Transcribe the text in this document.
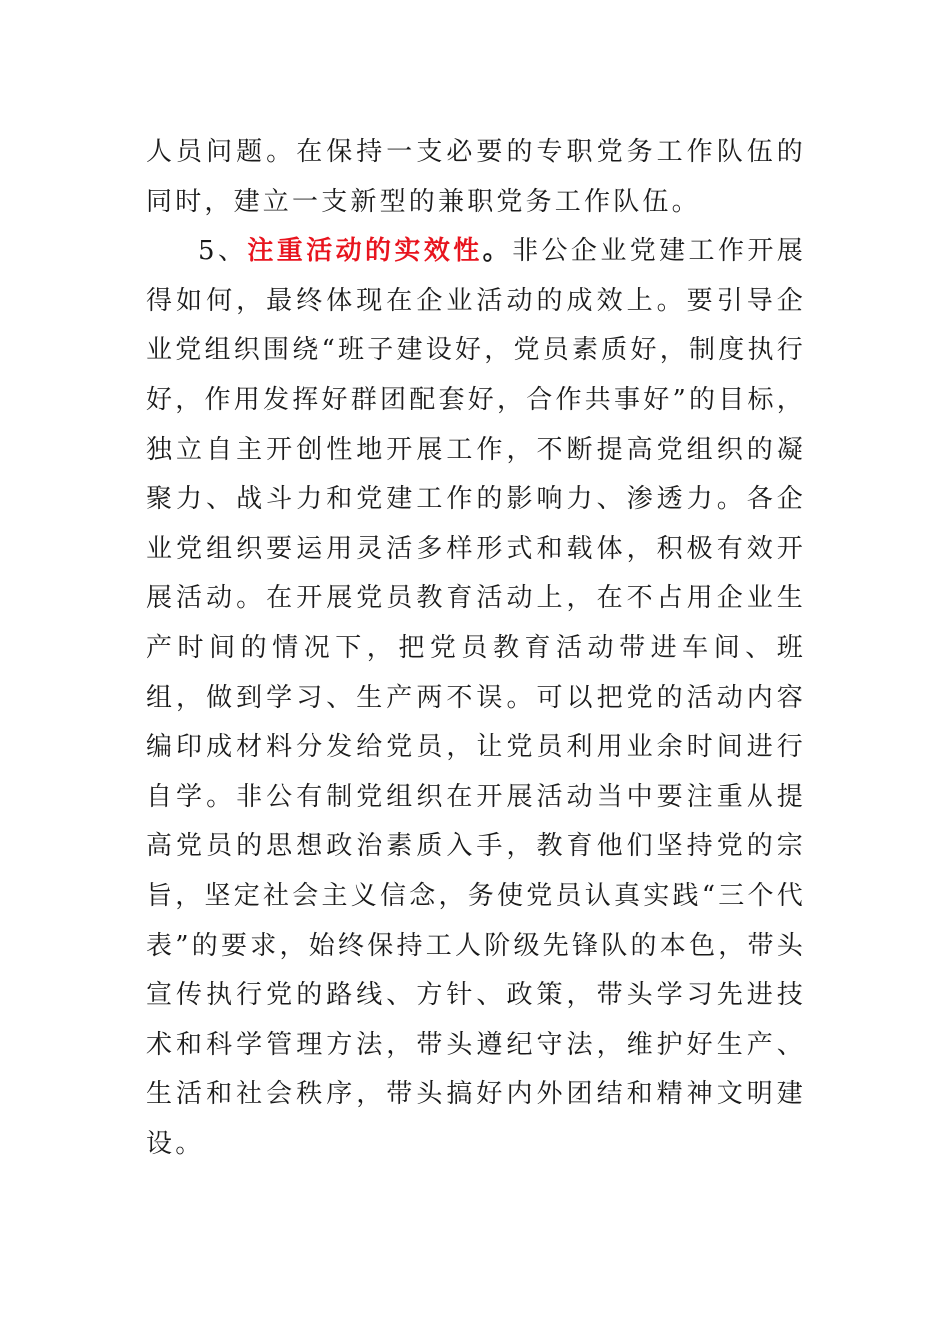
人员问题。在保持一支必要的专职党务工作队伍的同时，建立一支新型的兼职党务工作队伍。

5、注重活动的实效性。非公企业党建工作开展得如何，最终体现在企业活动的成效上。要引导企业党组织围绕“班子建设好，党员素质好，制度执行好，作用发挥好群团配套好，合作共事好”的目标，独立自主开创性地开展工作，不断提高党组织的凝聚力、战斗力和党建工作的影响力、渗透力。各企业党组织要运用灵活多样形式和载体，积极有效开展活动。在开展党员教育活动上，在不占用企业生产时间的情况下，把党员教育活动带进车间、班组，做到学习、生产两不误。可以把党的活动内容编印成材料分发给党员，让党员利用业余时间进行自学。非公有制党组织在开展活动当中要注重从提高党员的思想政治素质入手，教育他们坚持党的宗旨，坚定社会主义信念，务使党员认真实践“三个代表”的要求，始终保持工人阶级先锋队的本色，带头宣传执行党的路线、方针、政策，带头学习先进技术和科学管理方法，带头遵纪守法，维护好生产、生活和社会秩序，带头搞好内外团结和精神文明建设。
